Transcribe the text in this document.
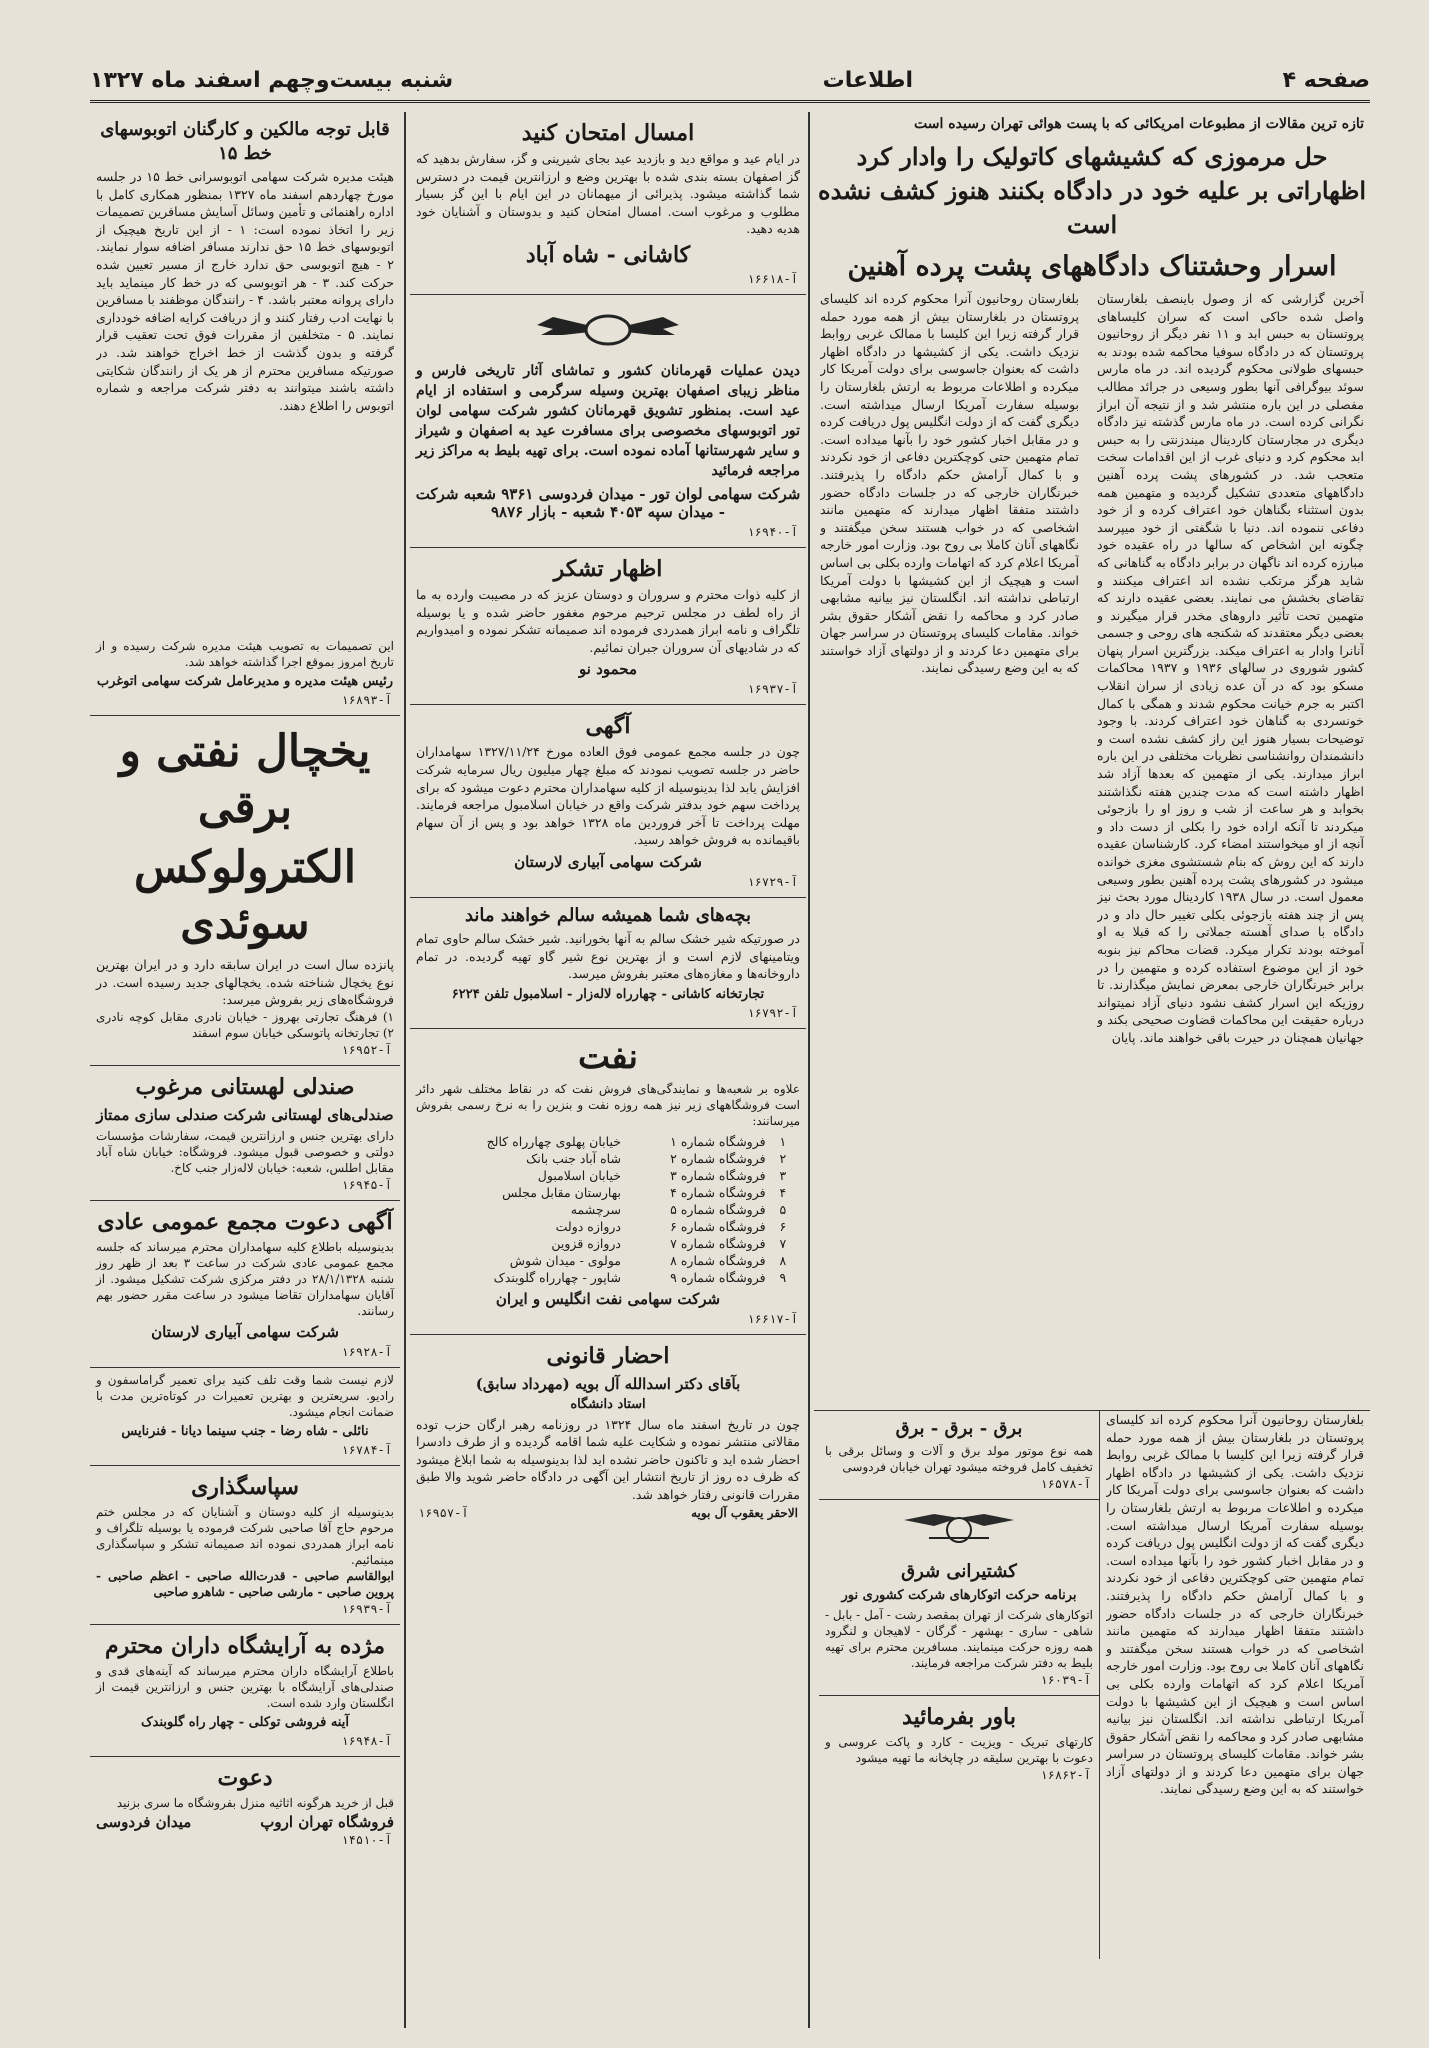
صفحه ۴
اطلاعات
شنبه بیست‌وچهم اسفند ماه ۱۳۲۷
تازه ترین مقالات از مطبوعات امریکائی که با پست هوائی تهران رسیده است
حل مرموزی که کشیشهای کاتولیک را وادار کرد اظهاراتی بر علیه خود در دادگاه بکنند هنوز کشف نشده است
اسرار وحشتناک دادگاههای پشت پرده آهنین
آخرین گزارشی که از وصول باینصف بلغارستان واصل شده حاکی است که سران کلیساهای پروتستان به حبس ابد و ۱۱ نفر دیگر از روحانیون پروتستان که در دادگاه سوفیا محاکمه شده بودند به حبسهای طولانی محکوم گردیده اند. در ماه مارس سوئد بیوگرافی آنها بطور وسیعی در جرائد مطالب مفصلی در این باره منتشر شد و از نتیجه آن ابراز نگرانی کرده است. در ماه مارس گذشته نیز دادگاه دیگری در مجارستان کاردینال میندزنتی را به حبس ابد محکوم کرد و دنیای غرب از این اقدامات سخت متعجب شد. در کشورهای پشت پرده آهنین دادگاههای متعددی تشکیل گردیده و متهمین همه بدون استثناء بگناهان خود اعتراف کرده و از خود دفاعی ننموده اند. دنیا با شگفتی از خود میپرسد چگونه این اشخاص که سالها در راه عقیده خود مبارزه کرده اند ناگهان در برابر دادگاه به گناهانی که شاید هرگز مرتکب نشده اند اعتراف میکنند و تقاضای بخشش می نمایند. بعضی عقیده دارند که متهمین تحت تأثیر داروهای مخدر قرار میگیرند و بعضی دیگر معتقدند که شکنجه های روحی و جسمی آنانرا وادار به اعتراف میکند. بزرگترین اسرار پنهان کشور شوروی در سالهای ۱۹۳۶ و ۱۹۳۷ محاکمات مسکو بود که در آن عده زیادی از سران انقلاب اکتبر به جرم خیانت محکوم شدند و همگی با کمال خونسردی به گناهان خود اعتراف کردند. با وجود توضیحات بسیار هنوز این راز کشف نشده است و دانشمندان روانشناسی نظریات مختلفی در این باره ابراز میدارند. یکی از متهمین که بعدها آزاد شد اظهار داشته است که مدت چندین هفته نگذاشتند بخوابد و هر ساعت از شب و روز او را بازجوئی میکردند تا آنکه اراده خود را بکلی از دست داد و آنچه از او میخواستند امضاء کرد. کارشناسان عقیده دارند که این روش که بنام شستشوی مغزی خوانده میشود در کشورهای پشت پرده آهنین بطور وسیعی معمول است. در سال ۱۹۳۸ کاردینال مورد بحث نیز پس از چند هفته بازجوئی بکلی تغییر حال داد و در دادگاه با صدای آهسته جملاتی را که قبلا به او آموخته بودند تکرار میکرد. قضات محاکم نیز بنوبه خود از این موضوع استفاده کرده و متهمین را در برابر خبرنگاران خارجی بمعرض نمایش میگذارند. تا روزیکه این اسرار کشف نشود دنیای آزاد نمیتواند درباره حقیقت این محاکمات قضاوت صحیحی بکند و جهانیان همچنان در حیرت باقی خواهند ماند. پایان
بلغارستان روحانیون آنرا محکوم کرده اند کلیسای پروتستان در بلغارستان بیش از همه مورد حمله قرار گرفته زیرا این کلیسا با ممالک غربی روابط نزدیک داشت. یکی از کشیشها در دادگاه اظهار داشت که بعنوان جاسوسی برای دولت آمریکا کار میکرده و اطلاعات مربوط به ارتش بلغارستان را بوسیله سفارت آمریکا ارسال میداشته است. دیگری گفت که از دولت انگلیس پول دریافت کرده و در مقابل اخبار کشور خود را بآنها میداده است. تمام متهمین حتی کوچکترین دفاعی از خود نکردند و با کمال آرامش حکم دادگاه را پذیرفتند. خبرنگاران خارجی که در جلسات دادگاه حضور داشتند متفقا اظهار میدارند که متهمین مانند اشخاصی که در خواب هستند سخن میگفتند و نگاههای آنان کاملا بی روح بود. وزارت امور خارجه آمریکا اعلام کرد که اتهامات وارده بکلی بی اساس است و هیچیک از این کشیشها با دولت آمریکا ارتباطی نداشته اند. انگلستان نیز بیانیه مشابهی صادر کرد و محاکمه را نقض آشکار حقوق بشر خواند. مقامات کلیسای پروتستان در سراسر جهان برای متهمین دعا کردند و از دولتهای آزاد خواستند که به این وضع رسیدگی نمایند.
بلغارستان روحانیون آنرا محکوم کرده اند کلیسای پروتستان در بلغارستان بیش از همه مورد حمله قرار گرفته زیرا این کلیسا با ممالک غربی روابط نزدیک داشت. یکی از کشیشها در دادگاه اظهار داشت که بعنوان جاسوسی برای دولت آمریکا کار میکرده و اطلاعات مربوط به ارتش بلغارستان را بوسیله سفارت آمریکا ارسال میداشته است. دیگری گفت که از دولت انگلیس پول دریافت کرده و در مقابل اخبار کشور خود را بآنها میداده است. تمام متهمین حتی کوچکترین دفاعی از خود نکردند و با کمال آرامش حکم دادگاه را پذیرفتند. خبرنگاران خارجی که در جلسات دادگاه حضور داشتند متفقا اظهار میدارند که متهمین مانند اشخاصی که در خواب هستند سخن میگفتند و نگاههای آنان کاملا بی روح بود. وزارت امور خارجه آمریکا اعلام کرد که اتهامات وارده بکلی بی اساس است و هیچیک از این کشیشها با دولت آمریکا ارتباطی نداشته اند. انگلستان نیز بیانیه مشابهی صادر کرد و محاکمه را نقض آشکار حقوق بشر خواند. مقامات کلیسای پروتستان در سراسر جهان برای متهمین دعا کردند و از دولتهای آزاد خواستند که به این وضع رسیدگی نمایند.
برق - برق - برق
همه نوع موتور مولد برق و آلات و وسائل برقی با تخفیف کامل فروخته میشود تهران خیابان فردوسی
آ-۱۶۵۷۸
کشتیرانی شرق
برنامه حرکت اتوکارهای شرکت کشوری نور
اتوکارهای شرکت از تهران بمقصد رشت - آمل - بابل - شاهی - ساری - بهشهر - گرگان - لاهیجان و لنگرود همه روزه حرکت مینمایند. مسافرین محترم برای تهیه بلیط به دفتر شرکت مراجعه فرمایند.
آ-۱۶۰۳۹
باور بفرمائید
کارتهای تبریک - ویزیت - کارد و پاکت عروسی و دعوت با بهترین سلیقه در چاپخانه ما تهیه میشود
آ-۱۶۸۶۲
امسال امتحان کنید
در ایام عید و مواقع دید و بازدید عید بجای شیرینی و گز، سفارش بدهید که گز اصفهان بسته بندی شده با بهترین وضع و ارزانترین قیمت در دسترس شما گذاشته میشود. پذیرائی از میهمانان در این ایام با این گز بسیار مطلوب و مرغوب است. امسال امتحان کنید و بدوستان و آشنایان خود هدیه دهید.
کاشانی - شاه آباد
آ-۱۶۶۱۸
دیدن عملیات قهرمانان کشور و تماشای آثار تاریخی فارس و مناظر زیبای اصفهان بهترین وسیله سرگرمی و استفاده از ایام عید است. بمنظور تشویق قهرمانان کشور شرکت سهامی لوان تور اتوبوسهای مخصوصی برای مسافرت عید به اصفهان و شیراز و سایر شهرستانها آماده نموده است. برای تهیه بلیط به مراکز زیر مراجعه فرمائید
شرکت سهامی لوان تور - میدان فردوسی ۹۳۶۱ شعبه شرکت - میدان سپه ۴۰۵۳ شعبه - بازار ۹۸۷۶
آ-۱۶۹۴۰
اظهار تشکر
از کلیه ذوات محترم و سروران و دوستان عزیز که در مصیبت وارده به ما از راه لطف در مجلس ترحیم مرحوم مغفور حاضر شده و یا بوسیله تلگراف و نامه ابراز همدردی فرموده اند صمیمانه تشکر نموده و امیدواریم که در شادیهای آن سروران جبران نمائیم.
محمود نو
آ-۱۶۹۳۷
آگهی
چون در جلسه مجمع عمومی فوق العاده مورخ ۱۳۲۷/۱۱/۲۴ سهامداران حاضر در جلسه تصویب نمودند که مبلغ چهار میلیون ریال سرمایه شرکت افزایش یابد لذا بدینوسیله از کلیه سهامداران محترم دعوت میشود که برای پرداخت سهم خود بدفتر شرکت واقع در خیابان اسلامبول مراجعه فرمایند. مهلت پرداخت تا آخر فروردین ماه ۱۳۲۸ خواهد بود و پس از آن سهام باقیمانده به فروش خواهد رسید.
شرکت سهامی آبیاری لارستان
آ-۱۶۷۲۹
بچه‌های شما همیشه سالم خواهند ماند
در صورتیکه شیر خشک سالم به آنها بخورانید. شیر خشک سالم حاوی تمام ویتامینهای لازم است و از بهترین نوع شیر گاو تهیه گردیده. در تمام داروخانه‌ها و مغازه‌های معتبر بفروش میرسد.
تجارتخانه کاشانی - چهارراه لاله‌زار - اسلامبول تلفن ۶۲۲۴
آ-۱۶۷۹۲
نفت
علاوه بر شعبه‌ها و نمایندگی‌های فروش نفت که در نقاط مختلف شهر دائر است فروشگاههای زیر نیز همه روزه نفت و بنزین را به نرخ رسمی بفروش میرسانند:
۱	فروشگاه شماره ۱	خیابان پهلوی چهارراه کالج
۲	فروشگاه شماره ۲	شاه آباد جنب بانک
۳	فروشگاه شماره ۳	خیابان اسلامبول
۴	فروشگاه شماره ۴	بهارستان مقابل مجلس
۵	فروشگاه شماره ۵	سرچشمه
۶	فروشگاه شماره ۶	دروازه دولت
۷	فروشگاه شماره ۷	دروازه قزوین
۸	فروشگاه شماره ۸	مولوی - میدان شوش
۹	فروشگاه شماره ۹	شاپور - چهارراه گلوبندک
شرکت سهامی نفت انگلیس و ایران
آ-۱۶۶۱۷
احضار قانونی
بآقای دکتر اسدالله آل بویه (مهرداد سابق)
استاد دانشگاه
چون در تاریخ اسفند ماه سال ۱۳۲۴ در روزنامه رهبر ارگان حزب توده مقالاتی منتشر نموده و شکایت علیه شما اقامه گردیده و از طرف دادسرا احضار شده اید و تاکنون حاضر نشده اید لذا بدینوسیله به شما ابلاغ میشود که ظرف ده روز از تاریخ انتشار این آگهی در دادگاه حاضر شوید والا طبق مقررات قانونی رفتار خواهد شد.
الاحقر یعقوب آل بویه
آ-۱۶۹۵۷
قابل توجه مالکین و کارگنان اتوبوسهای خط ۱۵
هیئت مدیره شرکت سهامی اتوبوسرانی خط ۱۵ در جلسه مورخ چهاردهم اسفند ماه ۱۳۲۷ بمنظور همکاری کامل با اداره راهنمائی و تأمین وسائل آسایش مسافرین تصمیمات زیر را اتخاذ نموده است: ۱ - از این تاریخ هیچیک از اتوبوسهای خط ۱۵ حق ندارند مسافر اضافه سوار نمایند. ۲ - هیچ اتوبوسی حق ندارد خارج از مسیر تعیین شده حرکت کند. ۳ - هر اتوبوسی که در خط کار مینماید باید دارای پروانه معتبر باشد. ۴ - رانندگان موظفند با مسافرین با نهایت ادب رفتار کنند و از دریافت کرایه اضافه خودداری نمایند. ۵ - متخلفین از مقررات فوق تحت تعقیب قرار گرفته و بدون گذشت از خط اخراج خواهند شد. در صورتیکه مسافرین محترم از هر یک از رانندگان شکایتی داشته باشند میتوانند به دفتر شرکت مراجعه و شماره اتوبوس را اطلاع دهند.
این تصمیمات به تصویب هیئت مدیره شرکت رسیده و از تاریخ امروز بموقع اجرا گذاشته خواهد شد.
رئیس هیئت مدیره و مدیرعامل شرکت سهامی اتوغرب
آ-۱۶۸۹۳
یخچال نفتی و برقی
الکترولوکس سوئدی
پانزده سال است در ایران سابقه دارد و در ایران بهترین نوع یخچال شناخته شده. یخچالهای جدید رسیده است. در فروشگاه‌های زیر بفروش میرسد:
۱) فرهنگ تجارتی بهروز - خیابان نادری مقابل کوچه نادری ۲) تجارتخانه پاتوسکی خیابان سوم اسفند
آ-۱۶۹۵۲
صندلی لهستانی مرغوب
صندلی‌های لهستانی شرکت صندلی سازی ممتاز
دارای بهترین جنس و ارزانترین قیمت، سفارشات مؤسسات دولتی و خصوصی قبول میشود. فروشگاه: خیابان شاه آباد مقابل اطلس، شعبه: خیابان لاله‌زار جنب کاخ.
آ-۱۶۹۴۵
آگهی دعوت مجمع عمومی عادی
بدینوسیله باطلاع کلیه سهامداران محترم میرساند که جلسه مجمع عمومی عادی شرکت در ساعت ۳ بعد از ظهر روز شنبه ۲۸/۱/۱۳۲۸ در دفتر مرکزی شرکت تشکیل میشود. از آقایان سهامداران تقاضا میشود در ساعت مقرر حضور بهم رسانند.
شرکت سهامی آبیاری لارستان
آ-۱۶۹۲۸
لازم نیست شما وقت تلف کنید برای تعمیر گراماسفون و رادیو. سریعترین و بهترین تعمیرات در کوتاه‌ترین مدت با ضمانت انجام میشود.
نائلی - شاه رضا - جنب سینما دیانا - فنرنایس
آ-۱۶۷۸۴
سپاسگذاری
بدینوسیله از کلیه دوستان و آشنایان که در مجلس ختم مرحوم حاج آقا صاحبی شرکت فرموده یا بوسیله تلگراف و نامه ابراز همدردی نموده اند صمیمانه تشکر و سپاسگذاری مینمائیم.
ابوالقاسم صاحبی - قدرت‌الله صاحبی - اعظم صاحبی - پروین صاحبی - مارشی صاحبی - شاهرو صاحبی
آ-۱۶۹۳۹
مژده به آرایشگاه داران محترم
باطلاع آرایشگاه داران محترم میرساند که آینه‌های قدی و صندلی‌های آرایشگاه با بهترین جنس و ارزانترین قیمت از انگلستان وارد شده است.
آینه فروشی توکلی - چهار راه گلوبندک
آ-۱۶۹۴۸
دعوت
قبل از خرید هرگونه اثاثیه منزل بفروشگاه ما سری بزنید
فروشگاه تهران اروپ
میدان فردوسی
آ-۱۴۵۱۰
